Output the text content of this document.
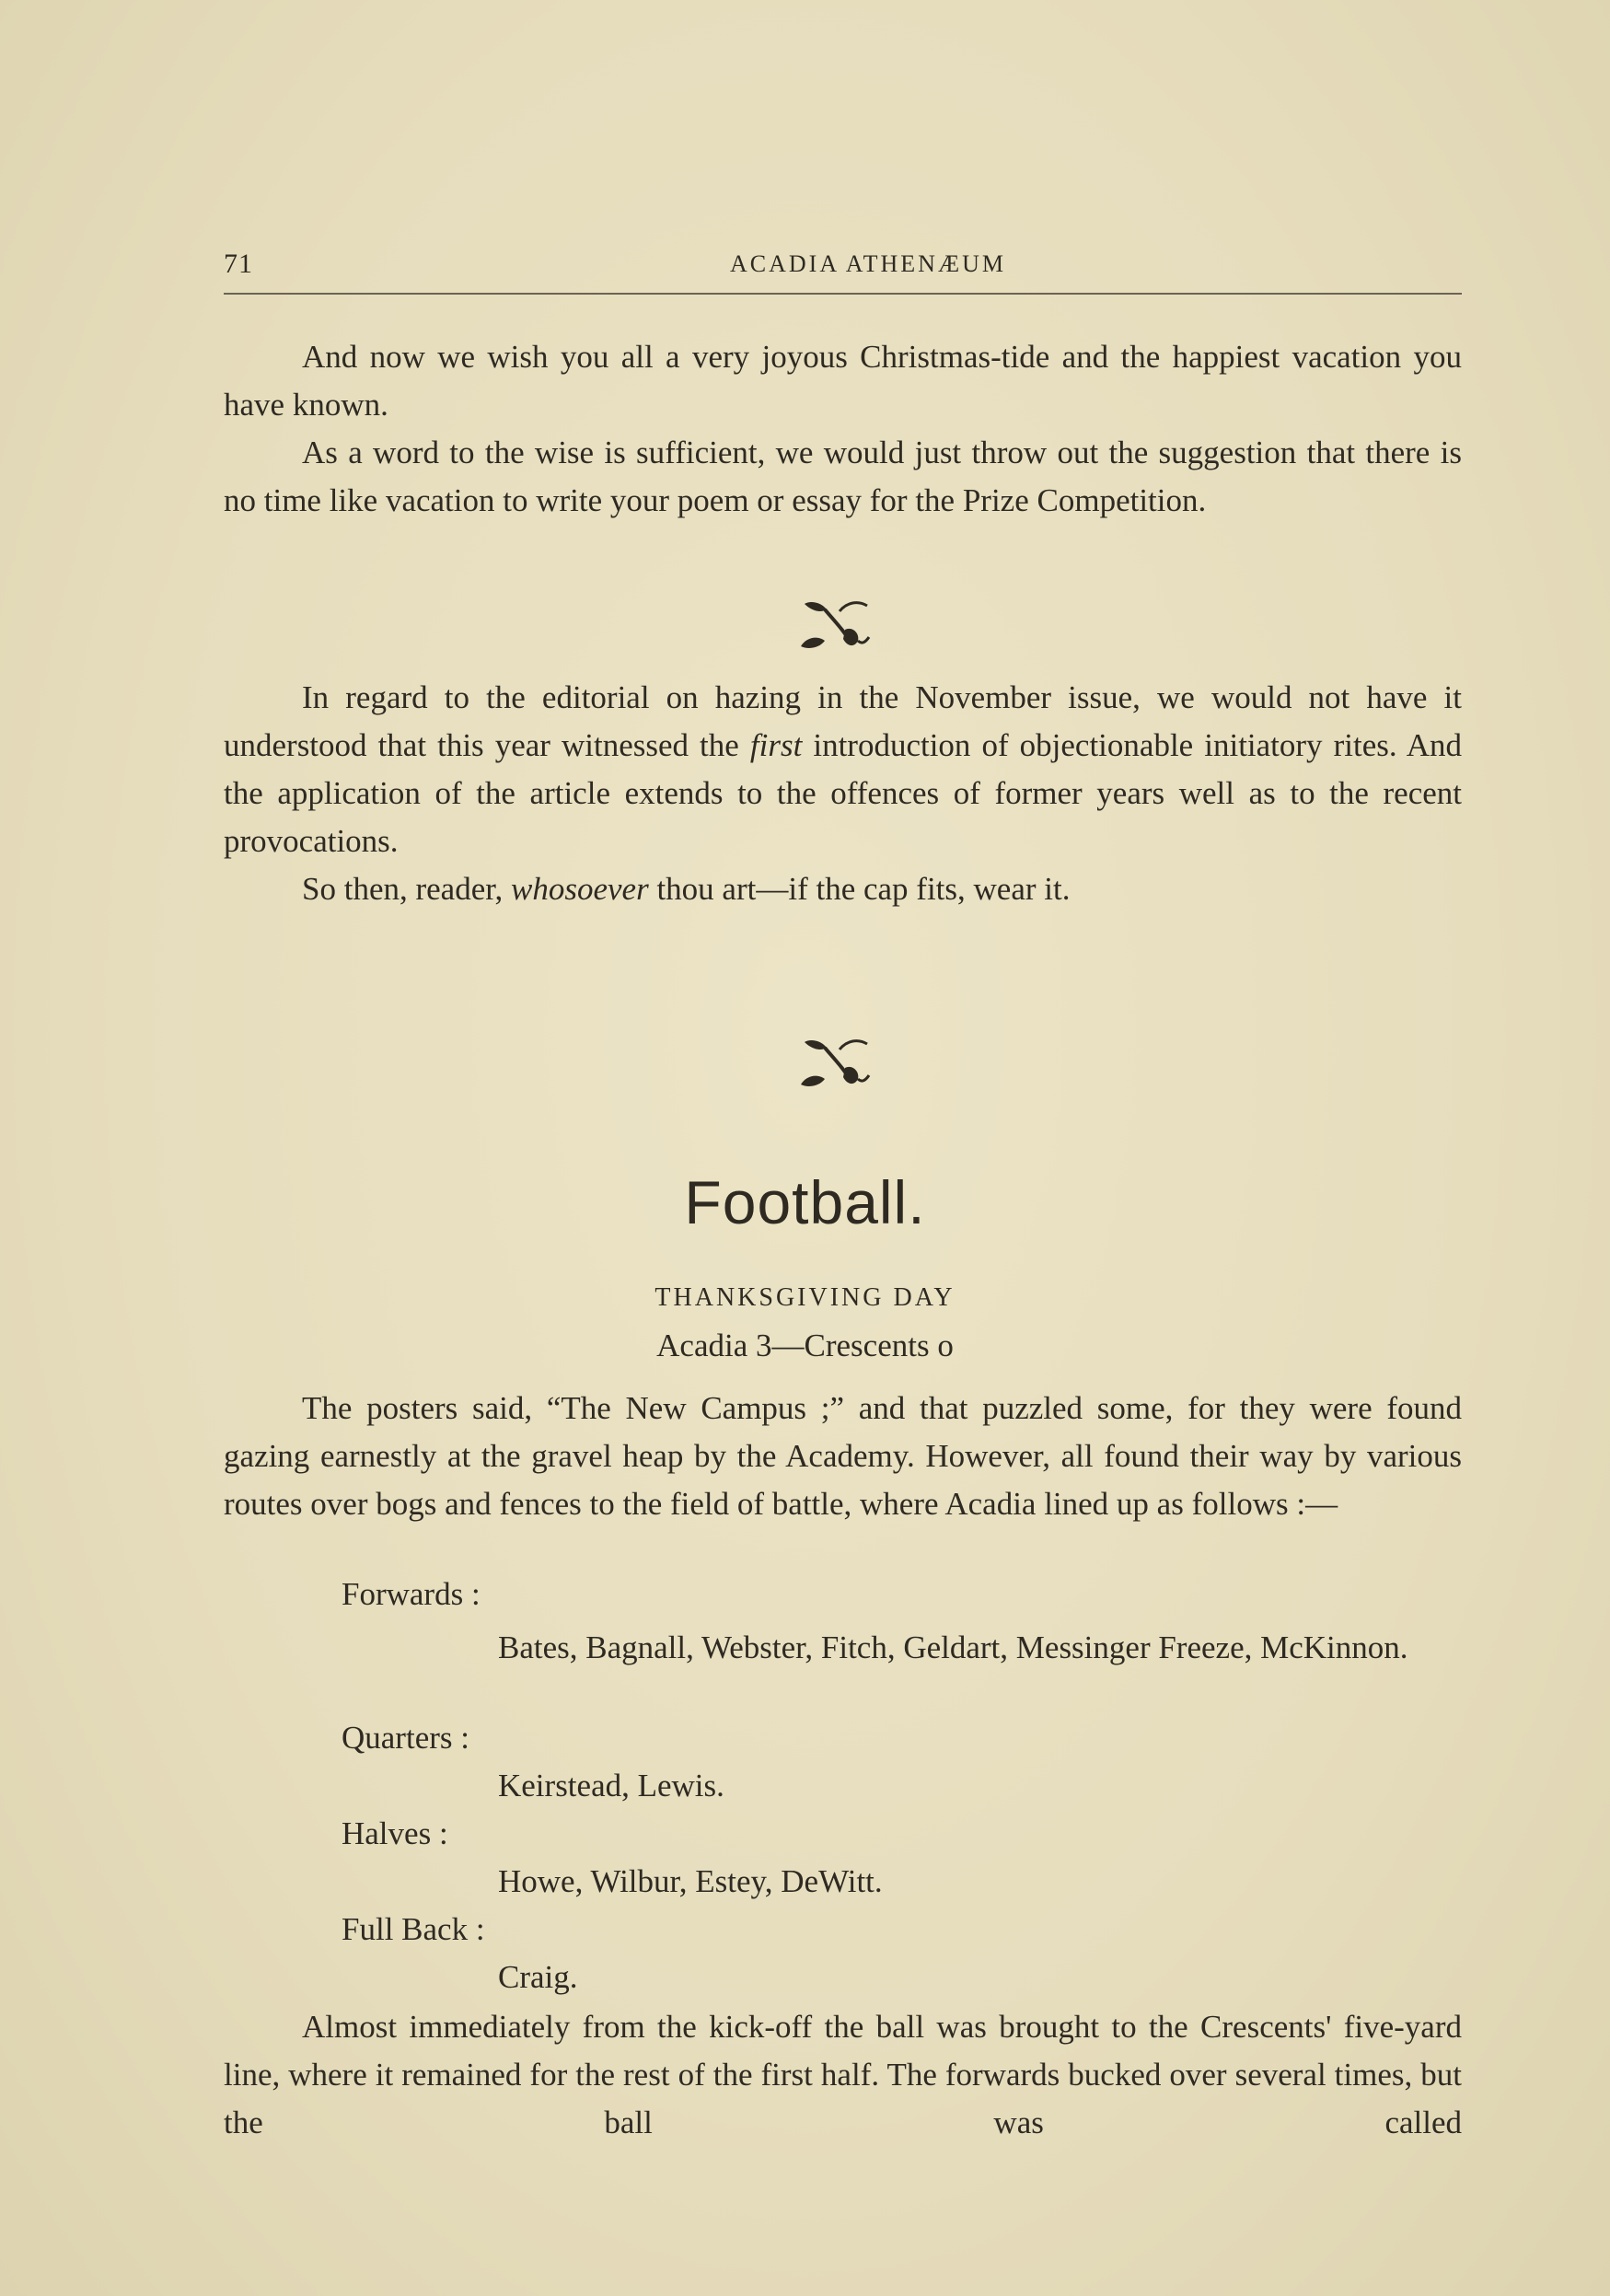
71	ACADIA ATHENÆUM

And now we wish you all a very joyous Christmas-tide and the happiest vacation you have known.

As a word to the wise is sufficient, we would just throw out the suggestion that there is no time like vacation to write your poem or essay for the Prize Competition.

In regard to the editorial on hazing in the November issue, we would not have it understood that this year witnessed the first introduction of objectionable initiatory rites. And the application of the article extends to the offences of former years well as to the recent provocations.

So then, reader, whosoever thou art—if the cap fits, wear it.

Football.
THANKSGIVING DAY
Acadia 3—Crescents o

The posters said, “The New Campus ;” and that puzzled some, for they were found gazing earnestly at the gravel heap by the Academy. However, all found their way by various routes over bogs and fences to the field of battle, where Acadia lined up as follows :—

Forwards :
Bates, Bagnall, Webster, Fitch, Geldart, Messinger Freeze, McKinnon.
Quarters :
Keirstead, Lewis.
Halves :
Howe, Wilbur, Estey, DeWitt.
Full Back :
Craig.

Almost immediately from the kick-off the ball was brought to the Crescents' five-yard line, where it remained for the rest of the first half. The forwards bucked over several times, but the ball was called
